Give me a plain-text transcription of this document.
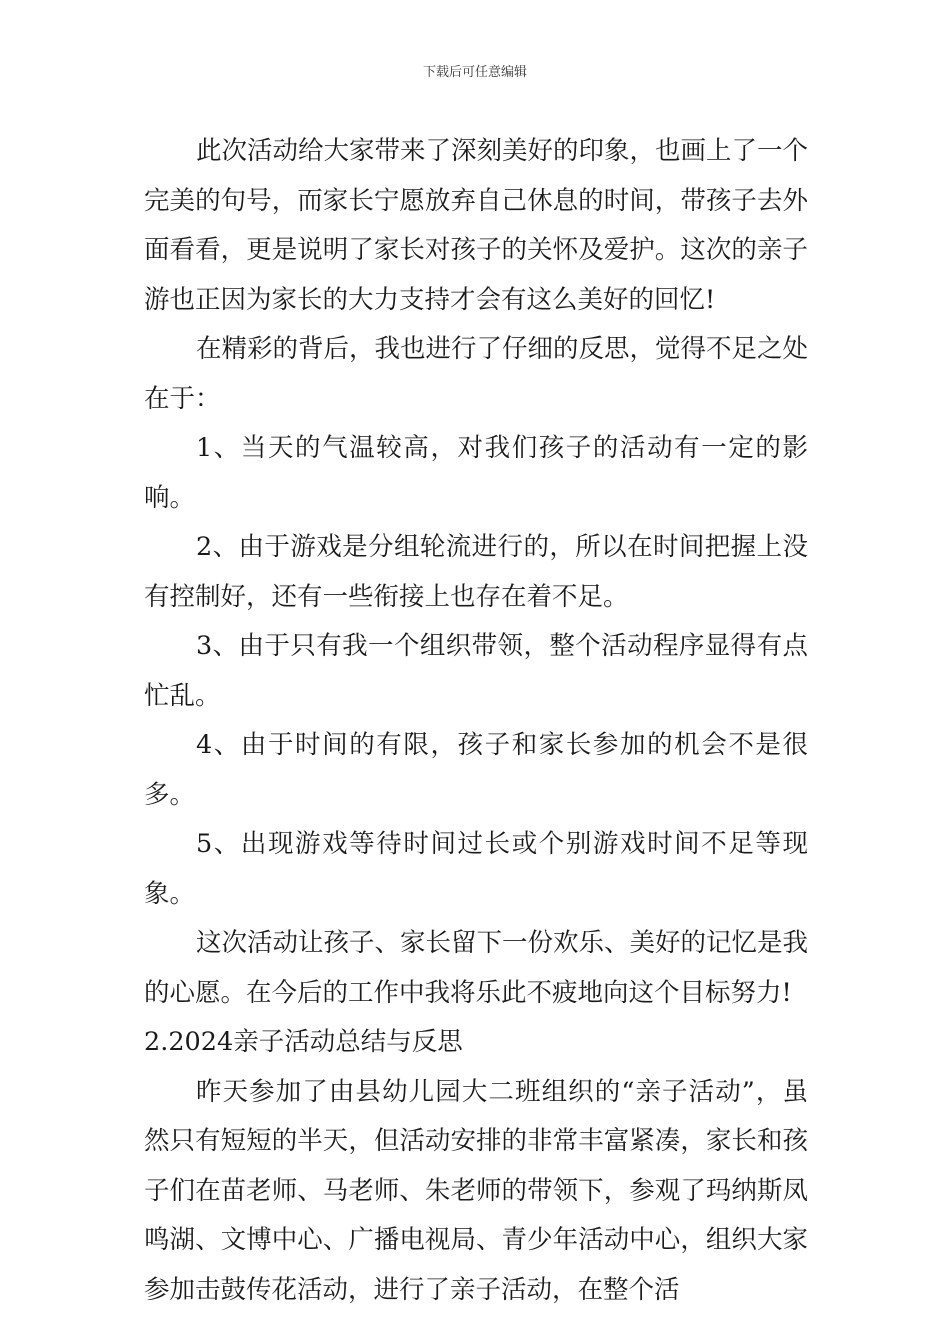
下载后可任意编辑

此次活动给大家带来了深刻美好的印象，也画上了一个完美的句号，而家长宁愿放弃自己休息的时间，带孩子去外面看看，更是说明了家长对孩子的关怀及爱护。这次的亲子游也正因为家长的大力支持才会有这么美好的回忆!

在精彩的背后，我也进行了仔细的反思，觉得不足之处在于：

1、当天的气温较高，对我们孩子的活动有一定的影响。

2、由于游戏是分组轮流进行的，所以在时间把握上没有控制好，还有一些衔接上也存在着不足。

3、由于只有我一个组织带领，整个活动程序显得有点忙乱。

4、由于时间的有限，孩子和家长参加的机会不是很多。

5、出现游戏等待时间过长或个别游戏时间不足等现象。

这次活动让孩子、家长留下一份欢乐、美好的记忆是我的心愿。在今后的工作中我将乐此不疲地向这个目标努力!

2.2024亲子活动总结与反思

昨天参加了由县幼儿园大二班组织的“亲子活动”，虽然只有短短的半天，但活动安排的非常丰富紧凑，家长和孩子们在苗老师、马老师、朱老师的带领下，参观了玛纳斯凤鸣湖、文博中心、广播电视局、青少年活动中心，组织大家参加击鼓传花活动，进行了亲子活动，在整个活
